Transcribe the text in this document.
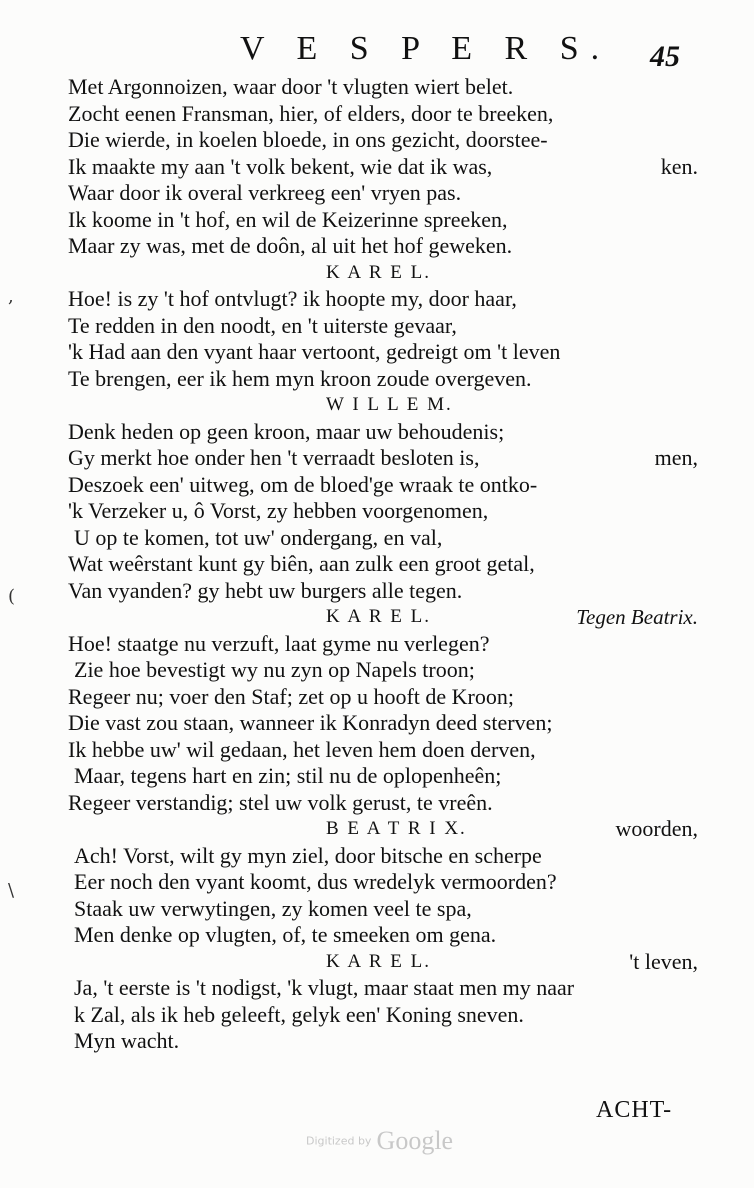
V E S P E R S. 45
,
(
\
Met Argonnoizen, waar door 't vlugten wiert belet.
Zocht eenen Fransman, hier, of elders, door te breeken,
Die wierde, in koelen bloede, in ons gezicht, doorstee-
Ik maakte my aan 't volk bekent, wie dat ik was,	ken.
Waar door ik overal verkreeg een' vryen pas.
Ik koome in 't hof, en wil de Keizerinne spreeken,
Maar zy was, met de doôn, al uit het hof geweken.
K A R E L.
Hoe! is zy 't hof ontvlugt? ik hoopte my, door haar,
Te redden in den noodt, en 't uiterste gevaar,
'k Had aan den vyant haar vertoont, gedreigt om 't leven
Te brengen, eer ik hem myn kroon zoude overgeven.
W I L L E M.
Denk heden op geen kroon, maar uw behoudenis;
Gy merkt hoe onder hen 't verraadt besloten is,	men,
Deszoek een' uitweg, om de bloed'ge wraak te ontko-
'k Verzeker u, ô Vorst, zy hebben voorgenomen,
U op te komen, tot uw' ondergang, en val,
Wat weêrstant kunt gy biên, aan zulk een groot getal,
Van vyanden? gy hebt uw burgers alle tegen.
K A R E L.	Tegen Beatrix.
Hoe! staatge nu verzuft, laat gyme nu verlegen?
Zie hoe bevestigt wy nu zyn op Napels troon;
Regeer nu; voer den Staf; zet op u hooft de Kroon;
Die vast zou staan, wanneer ik Konradyn deed sterven;
Ik hebbe uw' wil gedaan, het leven hem doen derven,
Maar, tegens hart en zin; stil nu de oplopenheên;
Regeer verstandig; stel uw volk gerust, te vreên.
B E A T R I X.	woorden,
Ach! Vorst, wilt gy myn ziel, door bitsche en scherpe
Eer noch den vyant koomt, dus wredelyk vermoorden?
Staak uw verwytingen, zy komen veel te spa,
Men denke op vlugten, of, te smeeken om gena.
K A R E L.	't leven,
Ja, 't eerste is 't nodigst, 'k vlugt, maar staat men my naar
k Zal, als ik heb geleeft, gelyk een' Koning sneven.
Myn wacht.
ACHT-
Digitized by Google
